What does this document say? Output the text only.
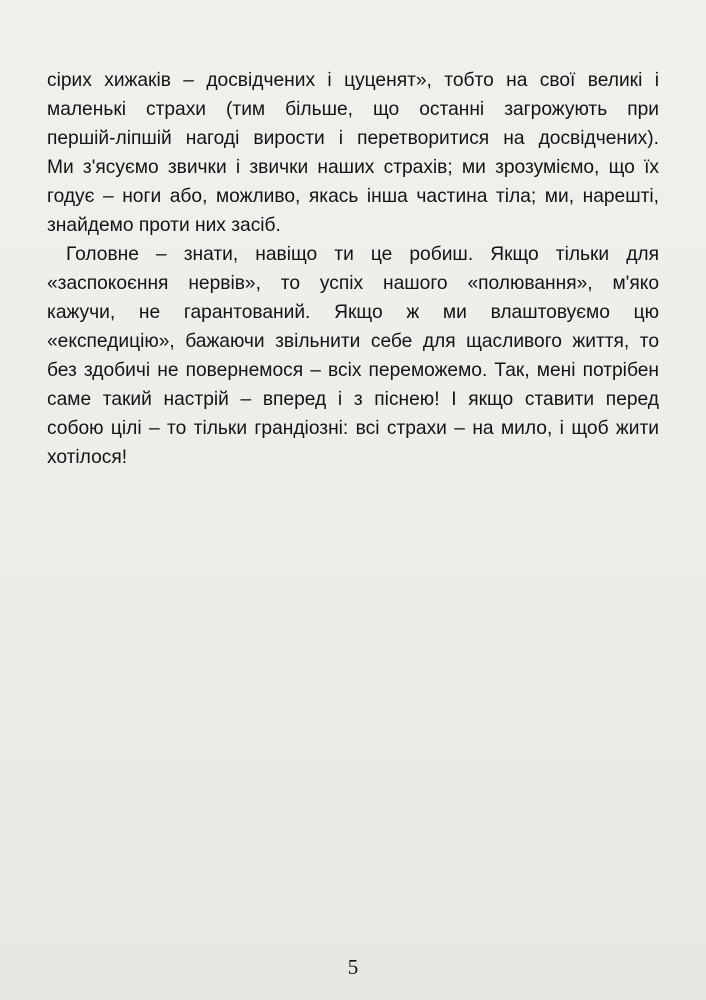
сірих хижаків – досвідчених і цуценят», тобто на свої великі і
маленькі страхи (тим більше, що останні загрожують при
першій-ліпшій нагоді вирости і перетворитися на досвідчених).
Ми з'ясуємо звички і звички наших страхів; ми зрозуміємо, що їх
годує – ноги або, можливо, якась інша частина тіла; ми, нарешті,
знайдемо проти них засіб.
Головне – знати, навіщо ти це робиш. Якщо тільки для
«заспокоєння нервів», то успіх нашого «полювання», м'яко
кажучи, не гарантований. Якщо ж ми влаштовуємо цю
«експедицію», бажаючи звільнити себе для щасливого життя, то
без здобичі не повернемося – всіх переможемо. Так, мені потрібен
саме такий настрій – вперед і з піснею! І якщо ставити перед
собою цілі – то тільки грандіозні: всі страхи – на мило, і щоб жити
хотілося!
5
